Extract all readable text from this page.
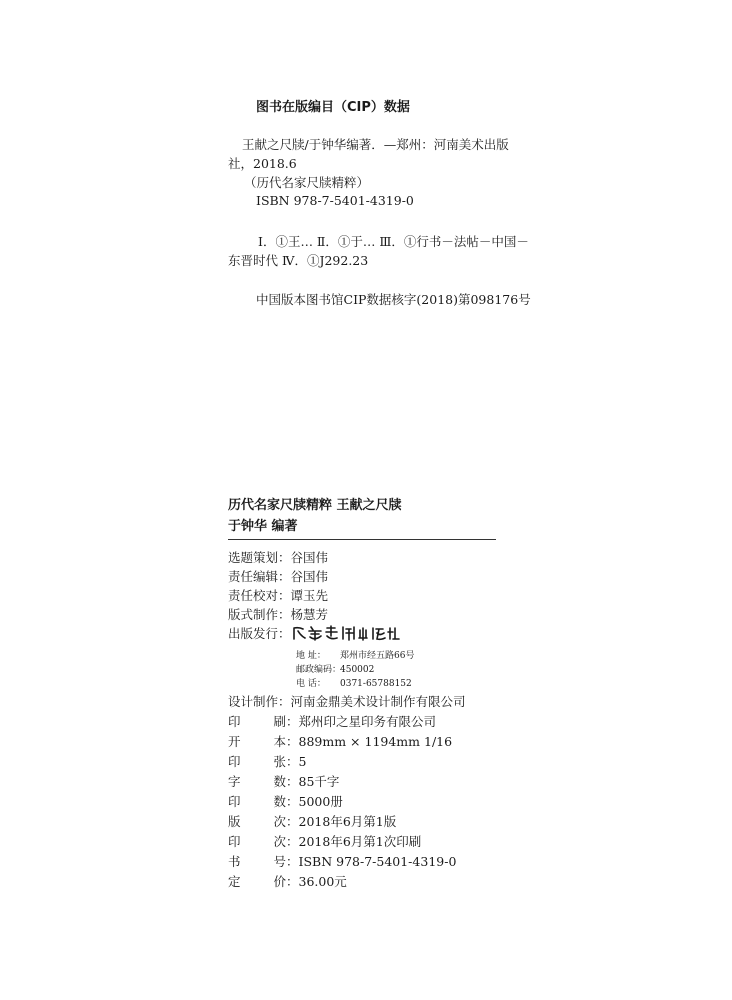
图书在版编目（CIP）数据
王献之尺牍/于钟华编著．—郑州：河南美术出版
社，2018.6
（历代名家尺牍精粹）
ISBN 978-7-5401-4319-0
Ⅰ．①王… Ⅱ．①于… Ⅲ．①行书－法帖－中国－
东晋时代 Ⅳ．①J292.23
中国版本图书馆CIP数据核字(2018)第098176号
历代名家尺牍精粹 王献之尺牍
于钟华 编著
选题策划：谷国伟
责任编辑：谷国伟
责任校对：谭玉先
版式制作：杨慧芳
出版发行：
地 址： 郑州市经五路66号
邮政编码：450002
电 话： 0371-65788152
设计制作：河南金鼎美术设计制作有限公司
印	刷 ：郑州印之星印务有限公司
开	本 ：889mm × 1194mm 1/16
印	张 ：5
字	数 ：85千字
印	数 ：5000册
版	次 ：2018年6月第1版
印	次 ：2018年6月第1次印刷
书	号 ：ISBN 978-7-5401-4319-0
定	价 ：36.00元
